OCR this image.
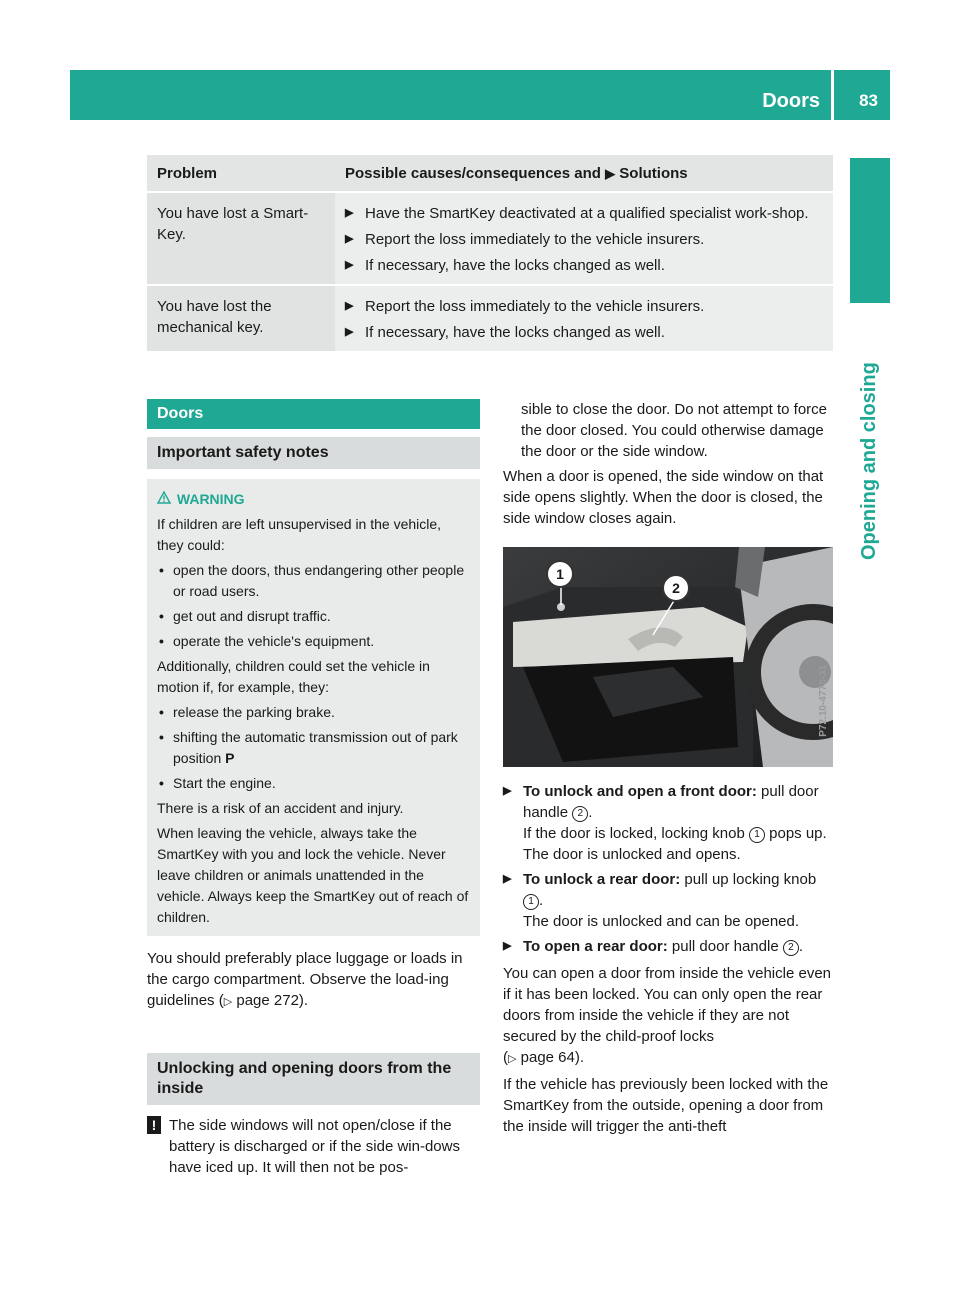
Doors 83
Opening and closing
Problem	Possible causes/consequences and ▶ Solutions
You have lost a Smart-Key.	▶ Have the SmartKey deactivated at a qualified specialist work-shop.
▶ Report the loss immediately to the vehicle insurers.
▶ If necessary, have the locks changed as well.

You have lost the mechanical key.	▶ Report the loss immediately to the vehicle insurers.
▶ If necessary, have the locks changed as well.
Doors
Important safety notes
WARNING

If children are left unsupervised in the vehicle, they could:

• open the doors, thus endangering other people or road users.
• get out and disrupt traffic.
• operate the vehicle's equipment.

Additionally, children could set the vehicle in motion if, for example, they:

• release the parking brake.
• shifting the automatic transmission out of park position P
• Start the engine.

There is a risk of an accident and injury.

When leaving the vehicle, always take the SmartKey with you and lock the vehicle. Never leave children or animals unattended in the vehicle. Always keep the SmartKey out of reach of children.

You should preferably place luggage or loads in the cargo compartment. Observe the load-ing guidelines (▷ page 272).

Unlocking and opening doors from the inside

! The side windows will not open/close if the battery is discharged or if the side win-dows have iced up. It will then not be pos-

sible to close the door. Do not attempt to force the door closed. You could otherwise damage the door or the side window.

When a door is opened, the side window on that side opens slightly. When the door is closed, the side window closes again.

1
2
P72.10-4778-31

▶ To unlock and open a front door: pull door handle 2 .
If the door is locked, locking knob 1 pops up. The door is unlocked and opens.

▶ To unlock a rear door: pull up locking knob 1 .
The door is unlocked and can be opened.

▶ To open a rear door: pull door handle 2 .

You can open a door from inside the vehicle even if it has been locked. You can only open the rear doors from inside the vehicle if they are not secured by the child-proof locks
(▷ page 64).

If the vehicle has previously been locked with the SmartKey from the outside, opening a door from the inside will trigger the anti-theft
